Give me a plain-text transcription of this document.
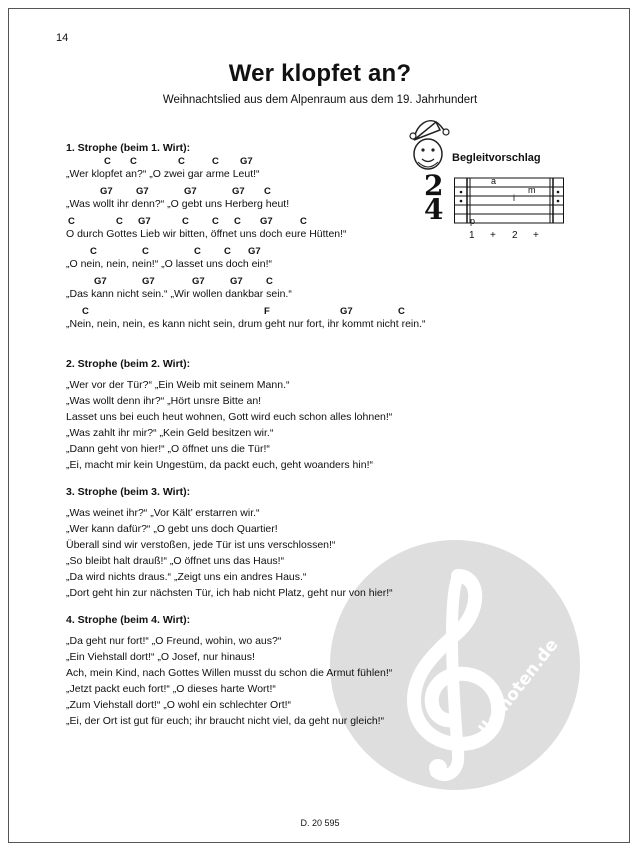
alle-noten.de
14
Wer klopfet an?
Weihnachtslied aus dem Alpenraum aus dem 19. Jahrhundert
Begleitvorschlag
2
4
a
i
m
p
1 + 2 +
1. Strophe (beim 1. Wirt):
C C	C	C G7
„Wer klopfet an?“ „O zwei gar arme Leut!“
G7 G7	G7	G7 C
„Was wollt ihr denn?“ „O gebt uns Herberg heut!
C	C G7	C C C G7	C
O durch Gottes Lieb wir bitten, öffnet uns doch eure Hütten!“
C	C	C C G7
„O nein, nein, nein!“ „O lasset uns doch ein!“
G7	G7	G7	G7 C
„Das kann nicht sein.“ „Wir wollen dankbar sein.“
C	F	G7	C
„Nein, nein, nein, es kann nicht sein, drum geht nur fort, ihr kommt nicht rein.“
2. Strophe (beim 2. Wirt):
„Wer vor der Tür?“ „Ein Weib mit seinem Mann.“
„Was wollt denn ihr?“ „Hört unsre Bitte an!
Lasset uns bei euch heut wohnen, Gott wird euch schon alles lohnen!“
„Was zahlt ihr mir?“ „Kein Geld besitzen wir.“
„Dann geht von hier!“ „O öffnet uns die Tür!“
„Ei, macht mir kein Ungestüm, da packt euch, geht woanders hin!“
3. Strophe (beim 3. Wirt):
„Was weinet ihr?“ „Vor Kält’ erstarren wir.“
„Wer kann dafür?“ „O gebt uns doch Quartier!
Überall sind wir verstoßen, jede Tür ist uns verschlossen!“
„So bleibt halt drauß!“ „O öffnet uns das Haus!“
„Da wird nichts draus.“ „Zeigt uns ein andres Haus.“
„Dort geht hin zur nächsten Tür, ich hab nicht Platz, geht nur von hier!“
4. Strophe (beim 4. Wirt):
„Da geht nur fort!“ „O Freund, wohin, wo aus?“
„Ein Viehstall dort!“ „O Josef, nur hinaus!
Ach, mein Kind, nach Gottes Willen musst du schon die Armut fühlen!“
„Jetzt packt euch fort!“ „O dieses harte Wort!“
„Zum Viehstall dort!“ „O wohl ein schlechter Ort!“
„Ei, der Ort ist gut für euch; ihr braucht nicht viel, da geht nur gleich!“
D. 20 595
